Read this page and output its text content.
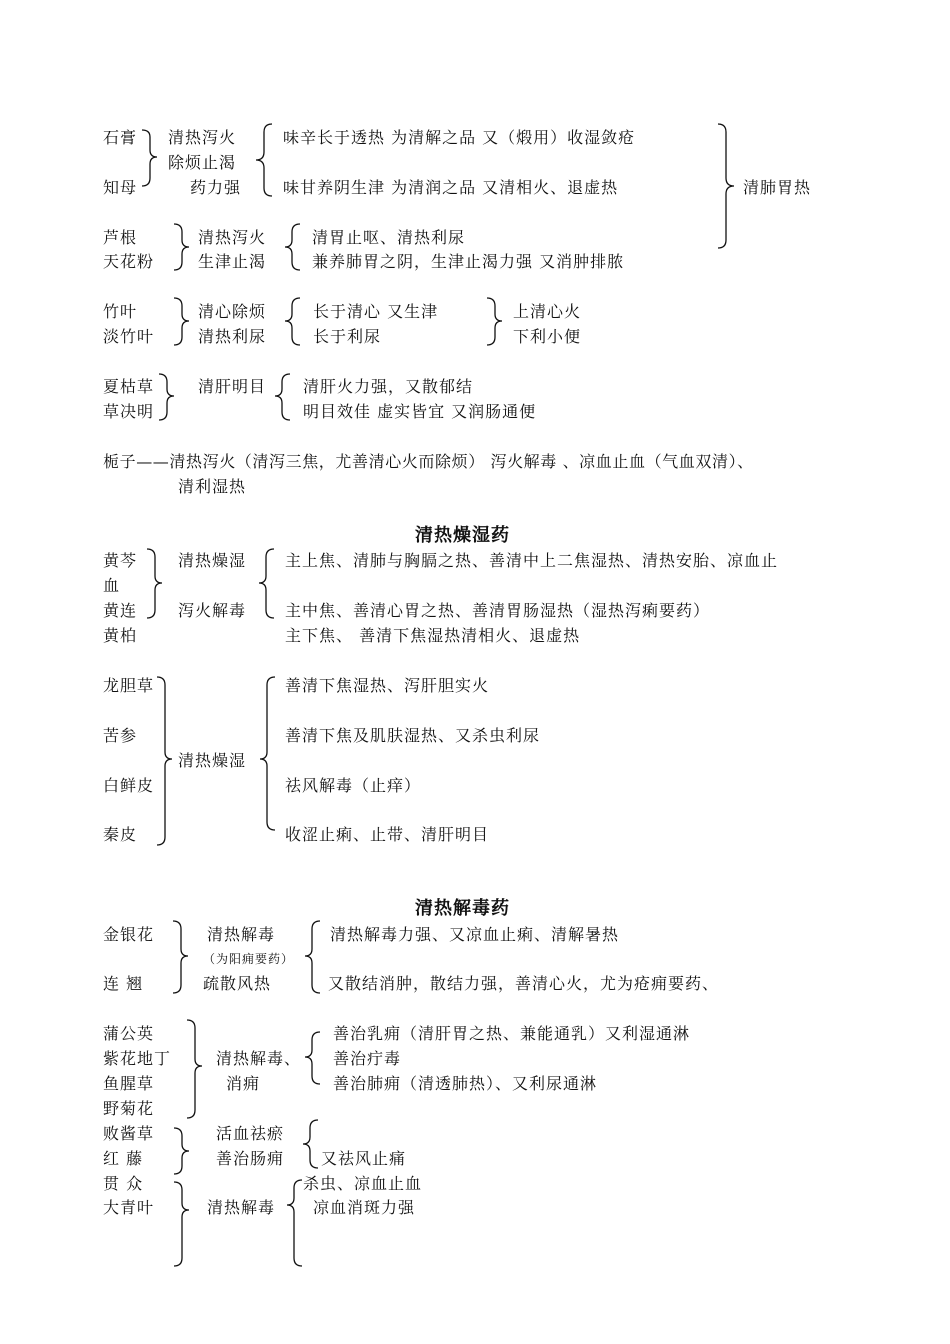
石膏
知母
清热泻火
除烦止渴
药力强
味辛长于透热 为清解之品 又（煅用）收湿敛疮
味甘养阴生津 为清润之品 又清相火、退虚热	清肺胃热
芦根
天花粉
清热泻火
生津止渴
清胃止呕、清热利尿
兼养肺胃之阴，生津止渴力强 又消肿排脓
竹叶
淡竹叶
清心除烦
清热利尿
长于清心 又生津
长于利尿
上清心火
下利小便
夏枯草
草决明
清肝明目 清肝火力强，又散郁结
明目效佳 虚实皆宜 又润肠通便
栀子——清热泻火（清泻三焦，尤善清心火而除烦） 泻火解毒 、凉血止血（气血双清）、
清利湿热
清热燥湿药
黄芩
血
黄连
黄柏
清热燥湿
泻火解毒
主上焦、清肺与胸膈之热、善清中上二焦湿热、清热安胎、凉血止
主中焦、善清心胃之热、善清胃肠湿热（湿热泻痢要药）
主下焦、 善清下焦湿热清相火、退虚热
龙胆草
苦参
白鲜皮
秦皮
清热燥湿
善清下焦湿热、泻肝胆实火
善清下焦及肌肤湿热、又杀虫利尿
祛风解毒（止痒）
收涩止痢、止带、清肝明目
清热解毒药
金银花
连 翘
清热解毒
（为阳痈要药）
疏散风热
清热解毒力强、又凉血止痢、清解暑热
又散结消肿，散结力强，善清心火，尤为疮痈要药、
蒲公英
紫花地丁
鱼腥草
野菊花
清热解毒、
消痈
善治乳痈（清肝胃之热、兼能通乳）又利湿通淋
善治疔毒
善治肺痈（清透肺热）、又利尿通淋
败酱草
红 藤
活血祛瘀
善治肠痈 又祛风止痛
贯 众
大青叶	清热解毒
杀虫、凉血止血
凉血消斑力强
